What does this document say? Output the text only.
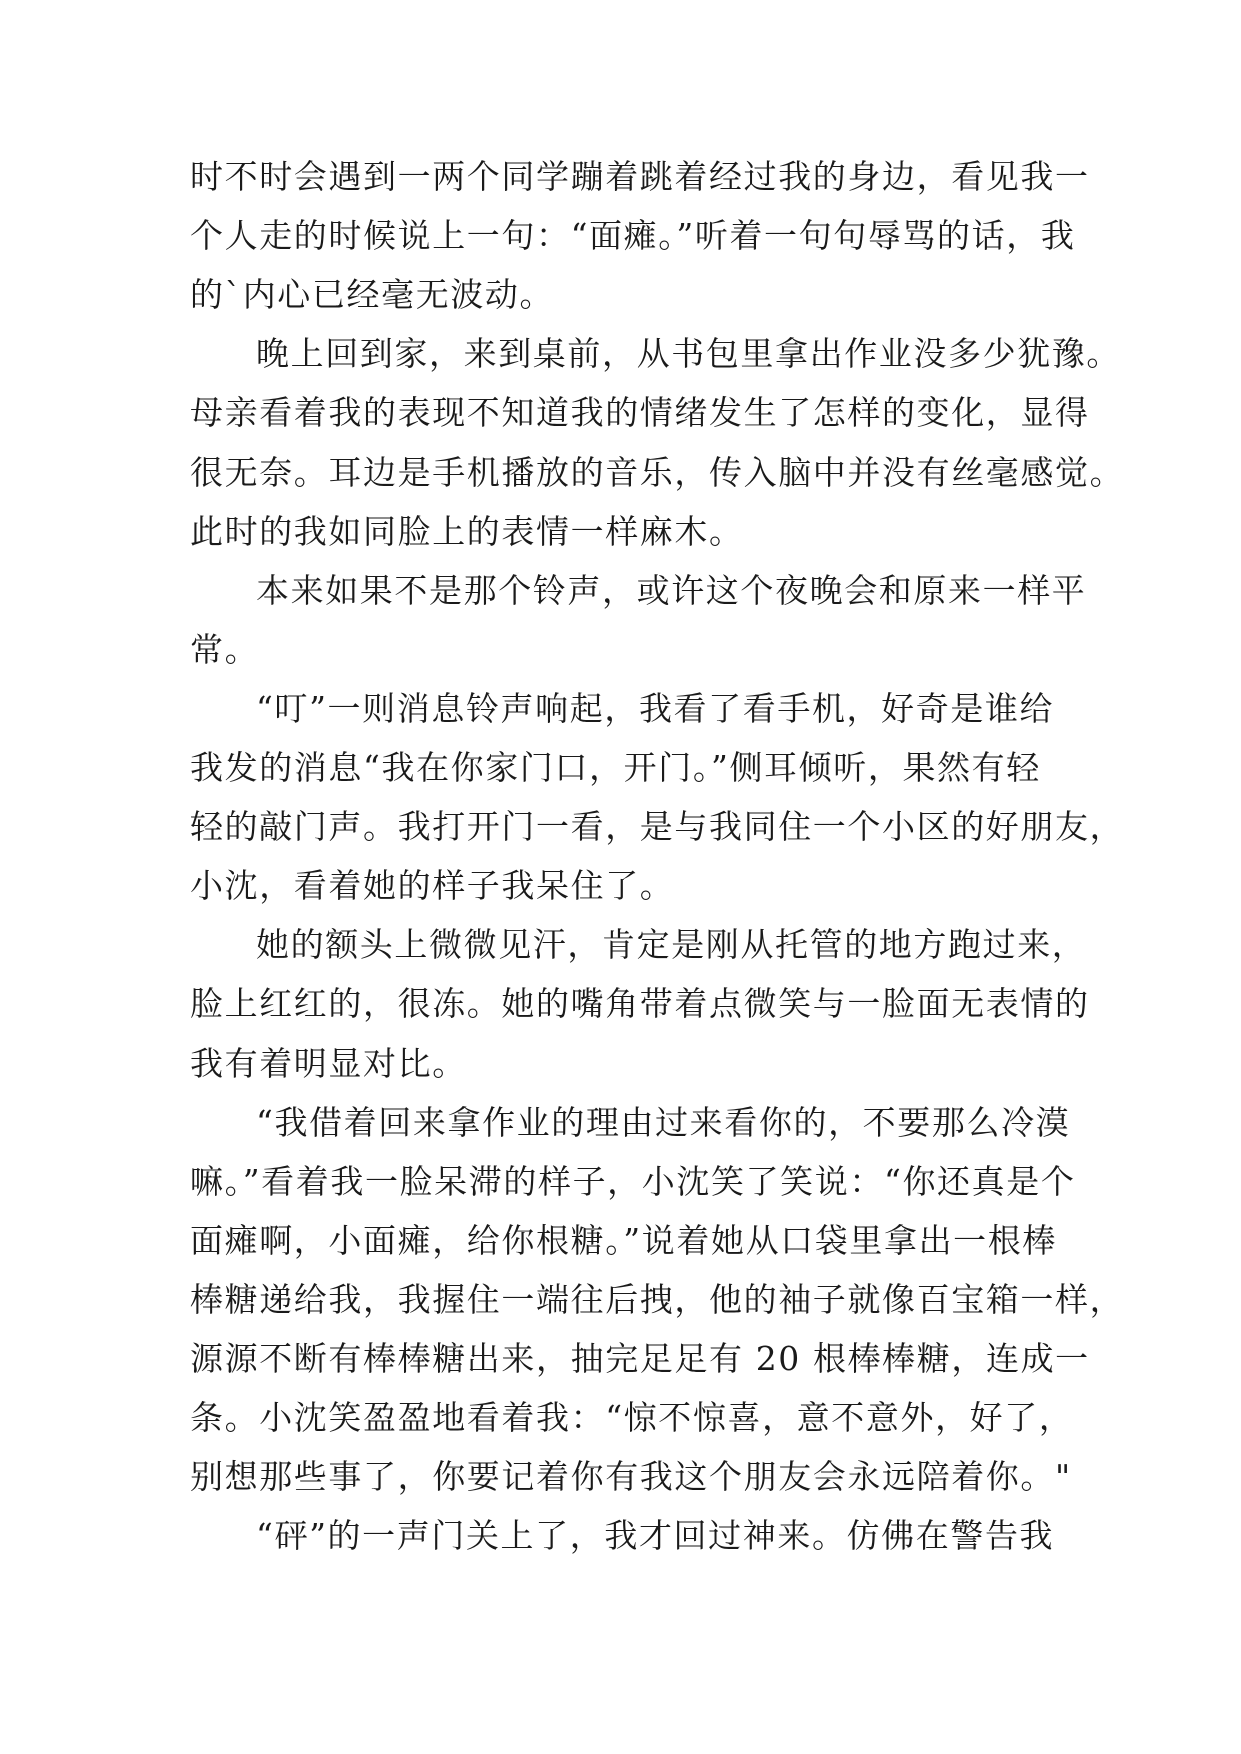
时不时会遇到一两个同学蹦着跳着经过我的身边，看见我一
个人走的时候说上一句：“面瘫。”听着一句句辱骂的话，我
的`内心已经毫无波动。
晚上回到家，来到桌前，从书包里拿出作业没多少犹豫。
母亲看着我的表现不知道我的情绪发生了怎样的变化，显得
很无奈。耳边是手机播放的音乐，传入脑中并没有丝毫感觉。
此时的我如同脸上的表情一样麻木。
本来如果不是那个铃声，或许这个夜晚会和原来一样平
常。
“叮”一则消息铃声响起，我看了看手机，好奇是谁给
我发的消息“我在你家门口，开门。”侧耳倾听，果然有轻
轻的敲门声。我打开门一看，是与我同住一个小区的好朋友，
小沈，看着她的样子我呆住了。
她的额头上微微见汗，肯定是刚从托管的地方跑过来，
脸上红红的，很冻。她的嘴角带着点微笑与一脸面无表情的
我有着明显对比。
“我借着回来拿作业的理由过来看你的，不要那么冷漠
嘛。”看着我一脸呆滞的样子，小沈笑了笑说：“你还真是个
面瘫啊，小面瘫，给你根糖。”说着她从口袋里拿出一根棒
棒糖递给我，我握住一端往后拽，他的袖子就像百宝箱一样，
源源不断有棒棒糖出来，抽完足足有 20 根棒棒糖，连成一
条。小沈笑盈盈地看着我：“惊不惊喜，意不意外，好了，
别想那些事了，你要记着你有我这个朋友会永远陪着你。"
“砰”的一声门关上了，我才回过神来。仿佛在警告我
